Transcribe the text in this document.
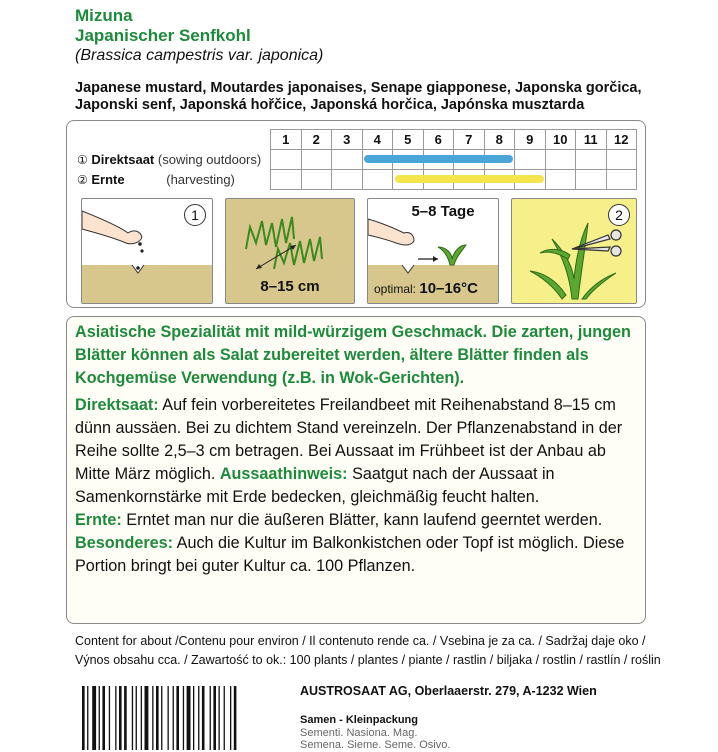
Mizuna
Japanischer Senfkohl
(Brassica campestris var. japonica)
Japanese mustard, Moutardes japonaises, Senape giapponese, Japonska gorčica,
Japonski senf, Japonská hořčice, Japonská horčica, Japónska musztarda
	1	2	3	4	5	6	7	8	9	10	11	12
① Direktsaat (sowing outdoors)												
② Ernte (harvesting)												
1
8–15 cm
5–8 Tage
optimal: 10–16°C
2

Asiatische Spezialität mit mild-würzigem Geschmack. Die zarten, jungen Blätter können als Salat zubereitet werden, ältere Blätter finden als Kochgemüse Verwendung (z.B. in Wok-Gerichten).

Direktsaat: Auf fein vorbereitetes Freilandbeet mit Reihenabstand 8–15 cm dünn aussäen. Bei zu dichtem Stand vereinzeln. Der Pflanzenabstand in der Reihe sollte 2,5–3 cm betragen. Bei Aussaat im Frühbeet ist der Anbau ab Mitte März möglich. Aussaathinweis: Saatgut nach der Aussaat in Samenkornstärke mit Erde bedecken, gleichmäßig feucht halten.

Ernte: Erntet man nur die äußeren Blätter, kann laufend geerntet werden.

Besonderes: Auch die Kultur im Balkonkistchen oder Topf ist möglich. Diese Portion bringt bei guter Kultur ca. 100 Pflanzen.

Content for about /Contenu pour environ / Il contenuto rende ca. / Vsebina je za ca. / Sadržaj daje oko /
Výnos obsahu cca. / Zawartość to ok.: 100 plants / plantes / piante / rastlin / biljaka / rostlin / rastlín / roślin
AUSTROSAAT AG, Oberlaaerstr. 279, A-1232 Wien
Samen - Kleinpackung
Sementi. Nasiona. Mag.
Semena. Sieme. Seme. Osivo.
